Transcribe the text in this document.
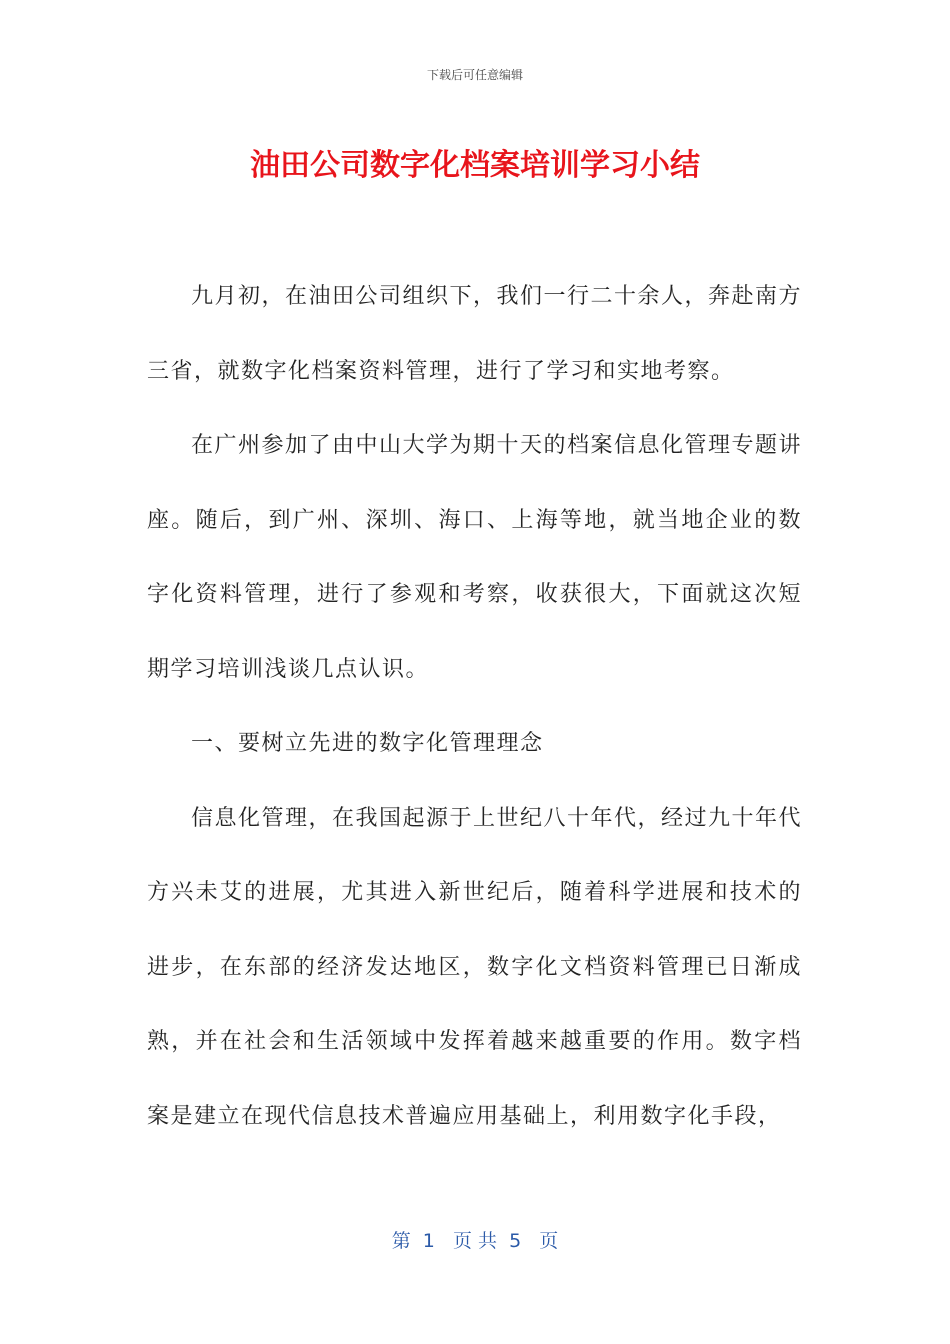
下载后可任意编辑
油田公司数字化档案培训学习小结

九月初，在油田公司组织下，我们一行二十余人，奔赴南方三省，就数字化档案资料管理，进行了学习和实地考察。

在广州参加了由中山大学为期十天的档案信息化管理专题讲座。随后，到广州、深圳、海口、上海等地，就当地企业的数字化资料管理，进行了参观和考察，收获很大，下面就这次短期学习培训浅谈几点认识。

一、要树立先进的数字化管理理念

信息化管理，在我国起源于上世纪八十年代，经过九十年代方兴未艾的进展，尤其进入新世纪后，随着科学进展和技术的进步，在东部的经济发达地区，数字化文档资料管理已日渐成熟，并在社会和生活领域中发挥着越来越重要的作用。数字档案是建立在现代信息技术普遍应用基础上，利用数字化手段，

第  1   页 共  5   页
